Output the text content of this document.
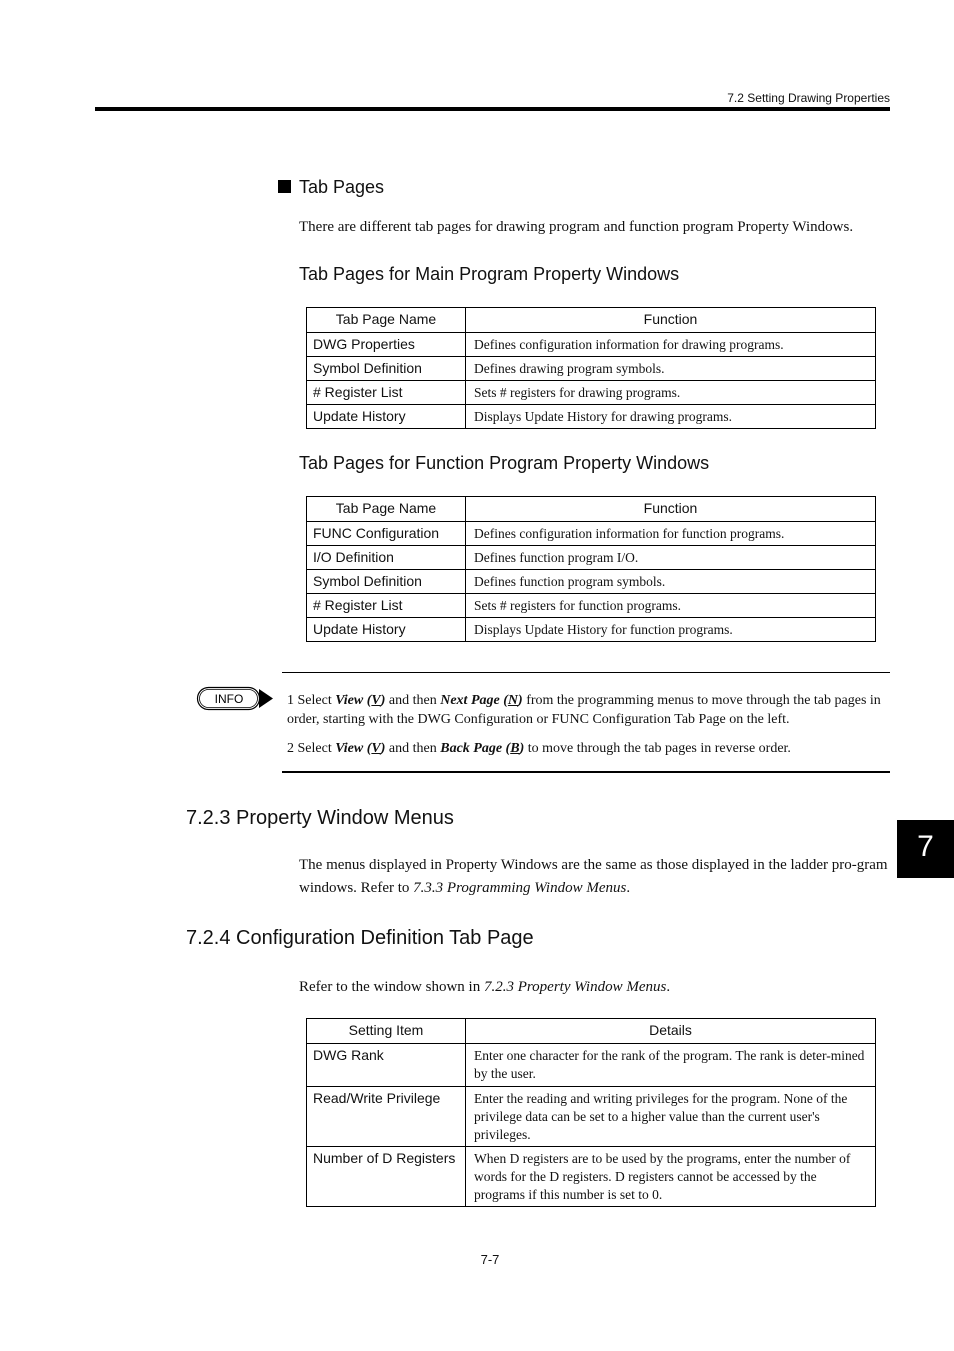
7.2 Setting Drawing Properties
Tab Pages
There are different tab pages for drawing program and function program Property Windows.
Tab Pages for Main Program Property Windows
Tab Page Name	Function
DWG Properties	Defines configuration information for drawing programs.
Symbol Definition	Defines drawing program symbols.
# Register List	Sets # registers for drawing programs.
Update History	Displays Update History for drawing programs.
Tab Pages for Function Program Property Windows
Tab Page Name	Function
FUNC Configuration	Defines configuration information for function programs.
I/O Definition	Defines function program I/O.
Symbol Definition	Defines function program symbols.
# Register List	Sets # registers for function programs.
Update History	Displays Update History for function programs.
INFO	1 Select View (V) and then Next Page (N) from the programming menus to move through the tab pages in order, starting with the DWG Configuration or FUNC Configuration Tab Page on the left.
2 Select View (V) and then Back Page (B) to move through the tab pages in reverse order.
7.2.3 Property Window Menus
The menus displayed in Property Windows are the same as those displayed in the ladder pro-gram windows. Refer to 7.3.3 Programming Window Menus.
7
7.2.4 Configuration Definition Tab Page
Refer to the window shown in 7.2.3 Property Window Menus.
Setting Item	Details
DWG Rank	Enter one character for the rank of the program. The rank is deter-mined by the user.
Read/Write Privilege	Enter the reading and writing privileges for the program. None of the privilege data can be set to a higher value than the current user's privileges.
Number of D Registers	When D registers are to be used by the programs, enter the number of words for the D registers. D registers cannot be accessed by the programs if this number is set to 0.
7-7
